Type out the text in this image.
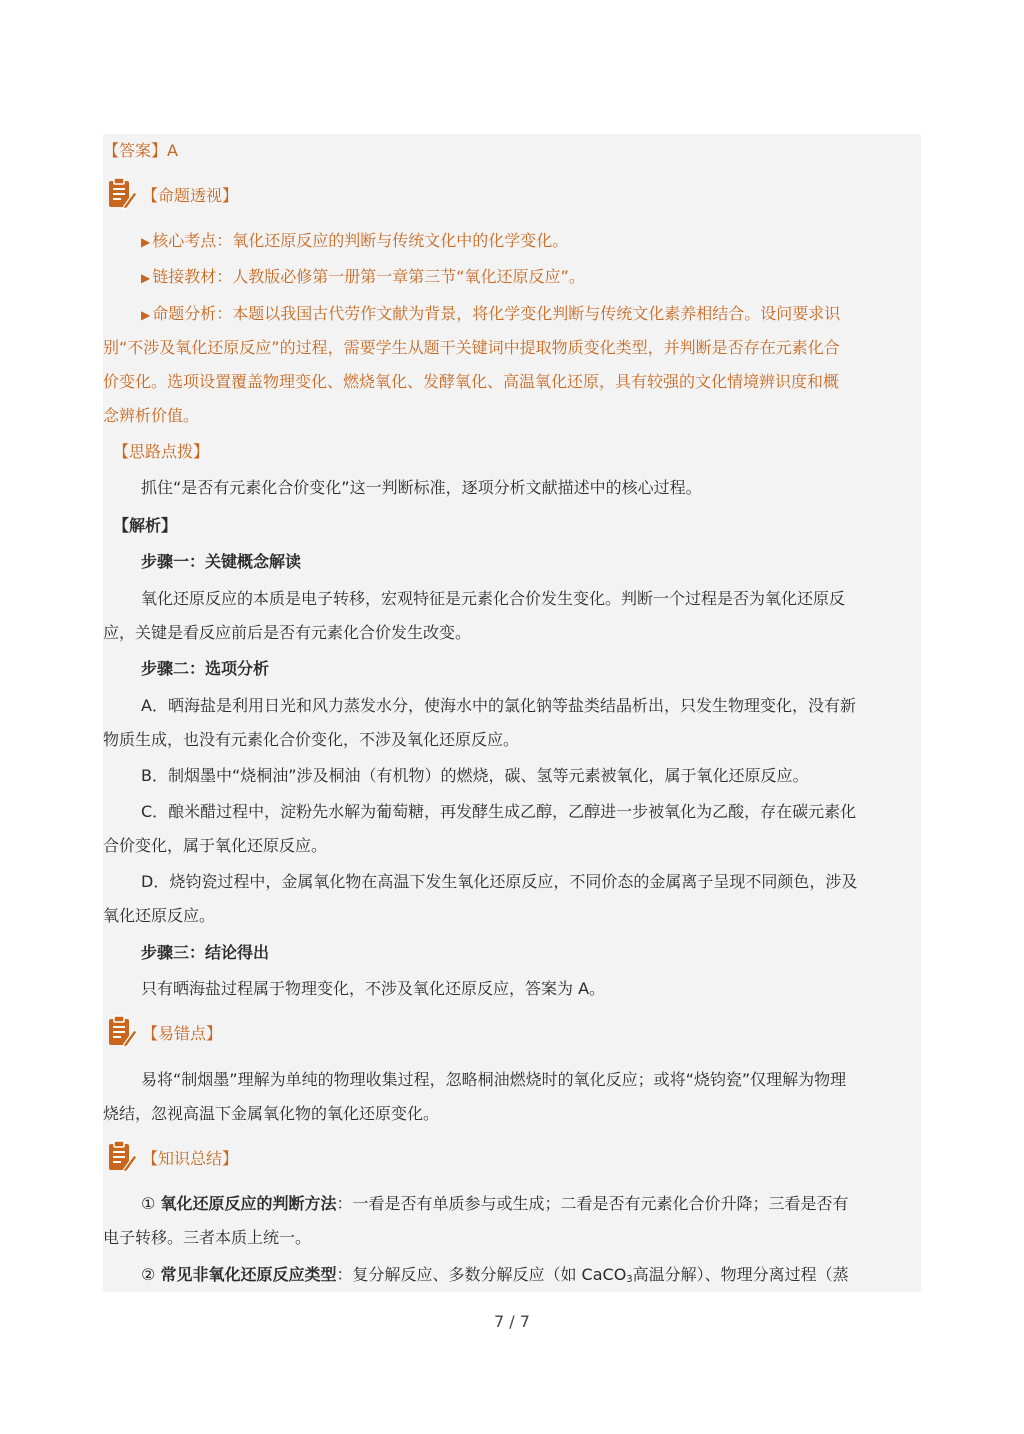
【答案】A

【命题透视】

▶ 核心考点：氧化还原反应的判断与传统文化中的化学变化。

▶ 链接教材：人教版必修第一册第一章第三节“氧化还原反应”。

▶ 命题分析：本题以我国古代劳作文献为背景，将化学变化判断与传统文化素养相结合。设问要求识

别“不涉及氧化还原反应”的过程，需要学生从题干关键词中提取物质变化类型，并判断是否存在元素化合

价变化。选项设置覆盖物理变化、燃烧氧化、发酵氧化、高温氧化还原，具有较强的文化情境辨识度和概

念辨析价值。

【思路点拨】

抓住“是否有元素化合价变化”这一判断标准，逐项分析文献描述中的核心过程。

【解析】

步骤一：关键概念解读

氧化还原反应的本质是电子转移，宏观特征是元素化合价发生变化。判断一个过程是否为氧化还原反

应，关键是看反应前后是否有元素化合价发生改变。

步骤二：选项分析

A．晒海盐是利用日光和风力蒸发水分，使海水中的氯化钠等盐类结晶析出，只发生物理变化，没有新

物质生成，也没有元素化合价变化，不涉及氧化还原反应。

B．制烟墨中“烧桐油”涉及桐油（有机物）的燃烧，碳、氢等元素被氧化，属于氧化还原反应。

C．酿米醋过程中，淀粉先水解为葡萄糖，再发酵生成乙醇，乙醇进一步被氧化为乙酸，存在碳元素化

合价变化，属于氧化还原反应。

D．烧钧瓷过程中，金属氧化物在高温下发生氧化还原反应，不同价态的金属离子呈现不同颜色，涉及

氧化还原反应。

步骤三：结论得出

只有晒海盐过程属于物理变化，不涉及氧化还原反应，答案为 A。

【易错点】

易将“制烟墨”理解为单纯的物理收集过程，忽略桐油燃烧时的氧化反应；或将“烧钧瓷”仅理解为物理

烧结，忽视高温下金属氧化物的氧化还原变化。

【知识总结】

① 氧化还原反应的判断方法：一看是否有单质参与或生成；二看是否有元素化合价升降；三看是否有

电子转移。三者本质上统一。

② 常见非氧化还原反应类型：复分解反应、多数分解反应（如 CaCO$_3$高温分解）、物理分离过程（蒸

7 / 7
